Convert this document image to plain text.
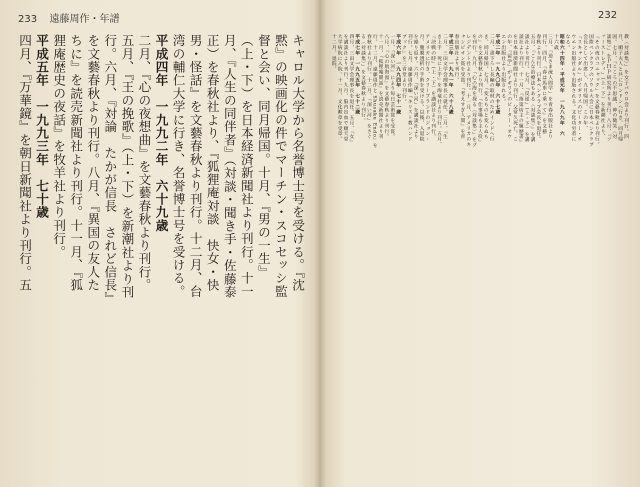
233 遠藤周作・年譜	232
キャロル大学から名誉博士号を受ける。『沈
黙』の映画化の件でマーチン・スコセッシ監
督と会い、同月帰国。十月、『男の一生』
（上・下）を日本経済新聞社より刊行。十一
月、『人生の同伴者』（対談・聞き手・佐藤泰
正）を春秋社より、『狐狸庵対談　快女・快
男・怪話』を文藝春秋より刊行。十二月、台
湾の輔仁大学に行き、名誉博士号を受ける。
平成四年　一九九二年　六十九歳
二月、『心の夜想曲』を文藝春秋より刊行。
五月、『王の挽歌』（上・下）を新潮社より刊
行。六月、『対論　たかが信長　されど信長』
を文藝春秋より刊行。八月、『異国の友人た
ちに』を読売新聞社より刊行。十一月、『狐
狸庵歴史の夜話』を牧羊社より刊行。
平成五年　一九九三年　七十歳
四月、『万華鏡』を朝日新聞社より刊行。五	教〈対談集〉』を女子パウロ会より刊行。四
月、順子夫人と共にロンドンへ行き、同月帰
国。七月、『こころの不思議、神の微笑〈対
談集〉』をＰＨＰ研究所より刊行。八月、『フ
ァーストレディ』（上・下）を新潮社より、
『その夜のコニャック』を文藝春秋より刊行。
国際ペンクラブのソウル大会に日本ペンクラブ
会長として出席し、九月帰国。この年、
『スキャンダル』がイギリスのピーター・オ
ウエン出版社より出版される。文化功労者に
なる。
昭和六十四年・平成元年　一九八九年　六
十六歳
三月、『逆さま流人間学』を青春出版社より
刊行。四月、『春は馬車に乗って』を文藝
春秋より刊行。日本ペンクラブ会長を退任。
五月、『こんな治療法もある〈対談集〉』を講
談社より刊行。七月、『反逆』（上・下）を講
談社より刊行。十一月、『落第坊主の履歴書』
を日本経済新聞社より刊行。父常久死亡。こ
の年、『留学』がイギリスのピーター・オウ
エン出版社より出版される。
平成二年　一九九〇年　六十七歳
二月、書下ろし長編の取材のためインドへ行
き、同月帰国。七月、『変るものと変らぬも
の』を文藝春秋より刊行。『仕事場も主人役』
を刊行。九月、『心の海を探る〈対談集〉』をプ
レジデント社より刊行。十一月、アメリカのキ
ャンピオン賞を受賞。『考えすぎ人間』を青
春出版社より刊行。
平成三年　一九九一年　六十八歳
二月、三田文学会理事長に就任。三月、『生
き上手　死に上手』を海竜社より刊行。五月、
『決戦の時』（上・下）を講談社より刊行。
アメリカに行き、クリーブランドのジョン・
月、腹膜透析の手術を受ける。以後、入退院
を繰り返す。六月、『深い河』を講談社より
刊行。七月、遠藤周作編『キリスト教ハンド
ブック』を三省堂より刊行。
平成六年　一九九四年　七十一歳
一月、『深い河』により毎日芸術賞を受賞。
八月、『心の航海図』を文藝春秋より刊行。
十一月、『狐狸庵閑話』を読売新聞社より刊
行。十二月、遠藤周作と Shusaku Endo』を
春秋社より刊行。十二月、『深い河』をさぐ
る〈対談集〉』を文藝春秋より刊行。
平成七年　一九九五年　七十二歳
四月、三田文学会理事長を退任。五月、『女』
を講談社より刊行。九月、脳内出血で順天堂
大学病院に入院。十一月、文化勲章を受章。
十二月、退院。
